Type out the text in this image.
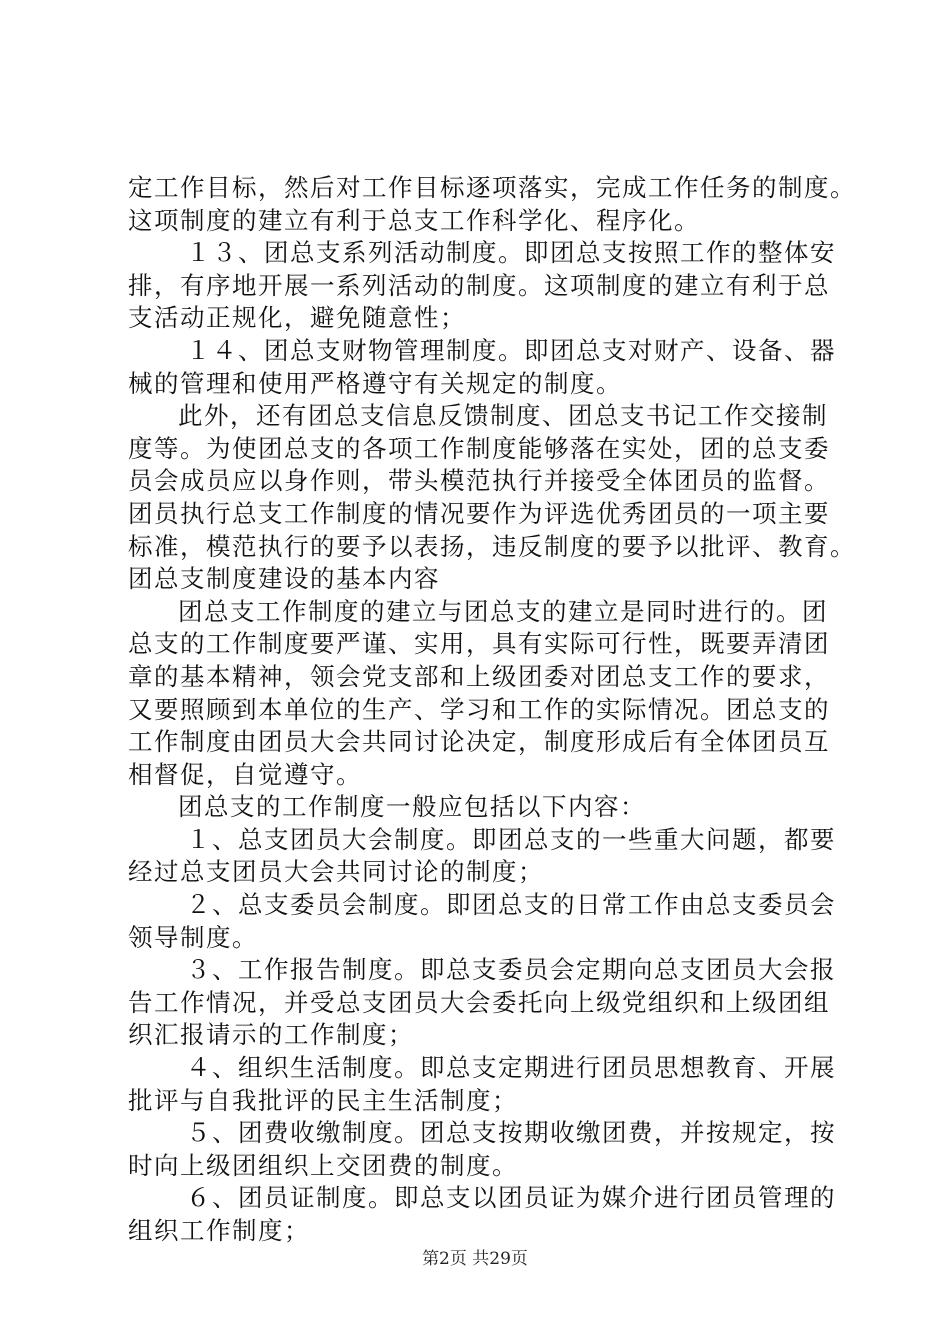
定工作目标，然后对工作目标逐项落实，完成工作任务的制度。
这项制度的建立有利于总支工作科学化、程序化。
１３、团总支系列活动制度。即团总支按照工作的整体安
排，有序地开展一系列活动的制度。这项制度的建立有利于总
支活动正规化，避免随意性；
１４、团总支财物管理制度。即团总支对财产、设备、器
械的管理和使用严格遵守有关规定的制度。
此外，还有团总支信息反馈制度、团总支书记工作交接制
度等。为使团总支的各项工作制度能够落在实处，团的总支委
员会成员应以身作则，带头模范执行并接受全体团员的监督。
团员执行总支工作制度的情况要作为评选优秀团员的一项主要
标准，模范执行的要予以表扬，违反制度的要予以批评、教育。
团总支制度建设的基本内容
团总支工作制度的建立与团总支的建立是同时进行的。团
总支的工作制度要严谨、实用，具有实际可行性，既要弄清团
章的基本精神，领会党支部和上级团委对团总支工作的要求，
又要照顾到本单位的生产、学习和工作的实际情况。团总支的
工作制度由团员大会共同讨论决定，制度形成后有全体团员互
相督促，自觉遵守。
团总支的工作制度一般应包括以下内容：
１、总支团员大会制度。即团总支的一些重大问题，都要
经过总支团员大会共同讨论的制度；
２、总支委员会制度。即团总支的日常工作由总支委员会
领导制度。
３、工作报告制度。即总支委员会定期向总支团员大会报
告工作情况，并受总支团员大会委托向上级党组织和上级团组
织汇报请示的工作制度；
４、组织生活制度。即总支定期进行团员思想教育、开展
批评与自我批评的民主生活制度；
５、团费收缴制度。团总支按期收缴团费，并按规定，按
时向上级团组织上交团费的制度。
６、团员证制度。即总支以团员证为媒介进行团员管理的
组织工作制度；
第2页 共29页
